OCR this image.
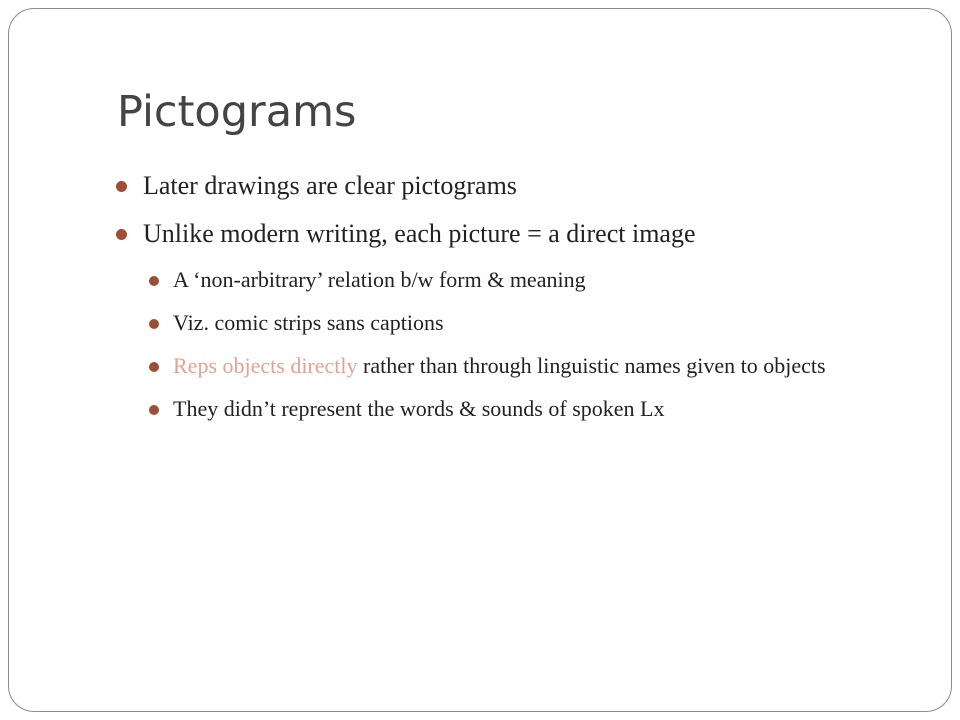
Pictograms
Later drawings are clear pictograms
Unlike modern writing, each picture = a direct image
A ‘non-arbitrary’ relation b/w form & meaning
Viz. comic strips sans captions
Reps objects directly rather than through linguistic names given to objects
They didn’t represent the words & sounds of spoken Lx
